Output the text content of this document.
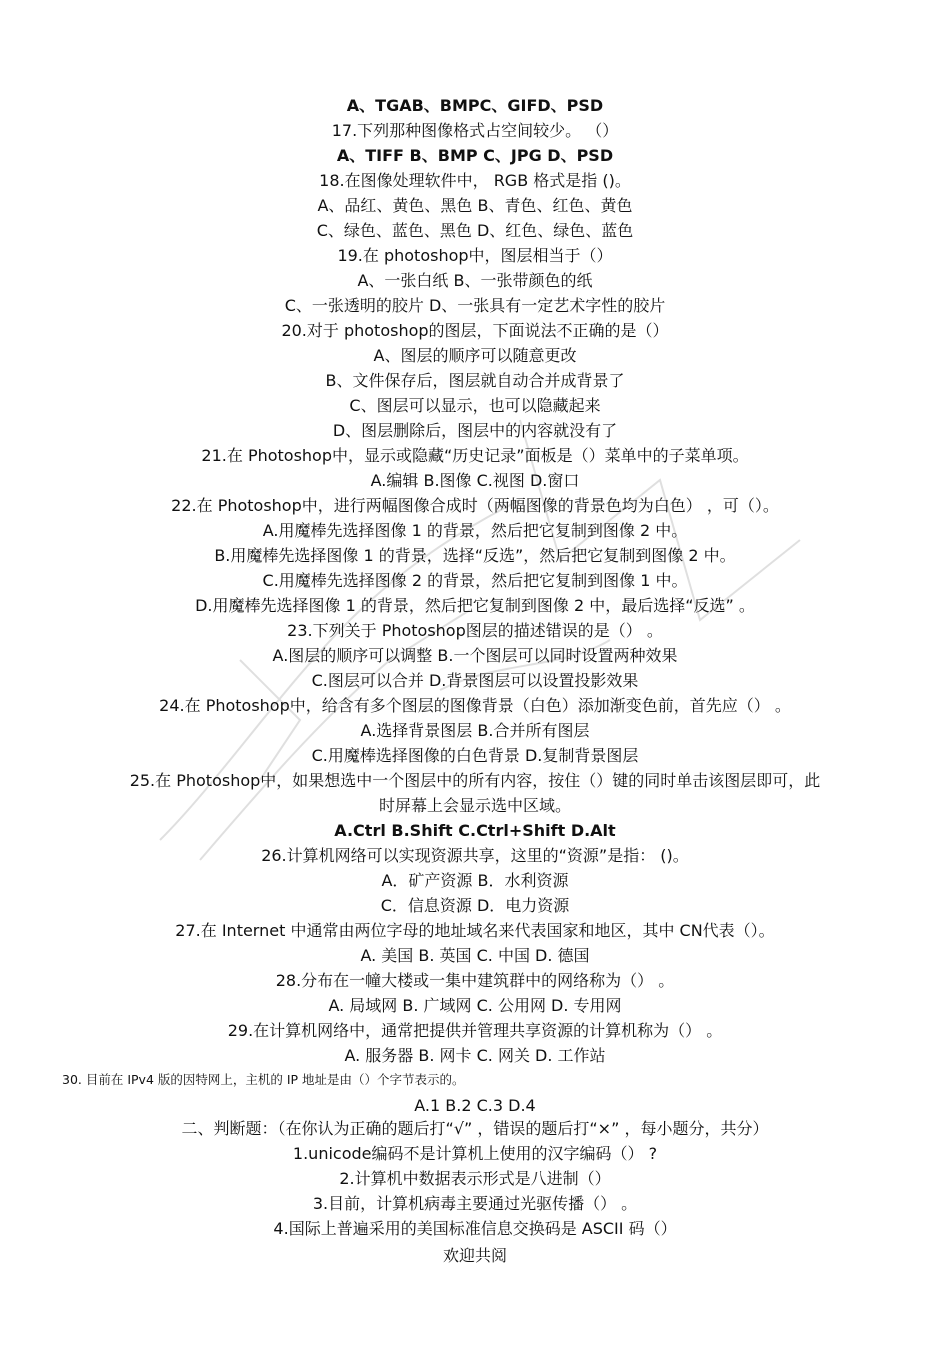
A、TGAB、BMPC、GIFD、PSD
17.下列那种图像格式占空间较少。 （）
A、TIFF B、BMP C、JPG D、PSD
18.在图像处理软件中， RGB 格式是指 ()。
A、品红、黄色、黑色 B、青色、红色、黄色
C、绿色、蓝色、黑色 D、红色、绿色、蓝色
19.在 photoshop中，图层相当于（）
A、一张白纸 B、一张带颜色的纸
C、一张透明的胶片 D、一张具有一定艺术字性的胶片
20.对于 photoshop的图层，下面说法不正确的是（）
A、图层的顺序可以随意更改
B、文件保存后，图层就自动合并成背景了
C、图层可以显示，也可以隐藏起来
D、图层删除后，图层中的内容就没有了
21.在 Photoshop中，显示或隐藏“历史记录”面板是（）菜单中的子菜单项。
A.编辑 B.图像 C.视图 D.窗口
22.在 Photoshop中，进行两幅图像合成时（两幅图像的背景色均为白色） ，可（）。
A.用魔棒先选择图像 1 的背景，然后把它复制到图像 2 中。
B.用魔棒先选择图像 1 的背景，选择“反选”，然后把它复制到图像 2 中。
C.用魔棒先选择图像 2 的背景，然后把它复制到图像 1 中。
D.用魔棒先选择图像 1 的背景，然后把它复制到图像 2 中，最后选择“反选” 。
23.下列关于 Photoshop图层的描述错误的是（） 。
A.图层的顺序可以调整 B.一个图层可以同时设置两种效果
C.图层可以合并 D.背景图层可以设置投影效果
24.在 Photoshop中，给含有多个图层的图像背景（白色）添加渐变色前，首先应（） 。
A.选择背景图层 B.合并所有图层
C.用魔棒选择图像的白色背景 D.复制背景图层
25.在 Photoshop中，如果想选中一个图层中的所有内容，按住（）键的同时单击该图层即可，此
时屏幕上会显示选中区域。
A.Ctrl B.Shift C.Ctrl+Shift D.Alt
26.计算机网络可以实现资源共享，这里的“资源”是指： ()。
A．矿产资源 B．水利资源
C．信息资源 D．电力资源
27.在 Internet 中通常由两位字母的地址域名来代表国家和地区，其中 CN代表（）。
A. 美国 B. 英国 C. 中国 D. 德国
28.分布在一幢大楼或一集中建筑群中的网络称为（） 。
A. 局域网 B. 广域网 C. 公用网 D. 专用网
29.在计算机网络中，通常把提供并管理共享资源的计算机称为（） 。
A. 服务器 B. 网卡 C. 网关 D. 工作站
30. 目前在 IPv4 版的因特网上，主机的 IP 地址是由（）个字节表示的。
A.1 B.2 C.3 D.4
二、判断题：（在你认为正确的题后打“√” ，错误的题后打“×” ，每小题分，共分）
1.unicode编码不是计算机上使用的汉字编码（） ?
2.计算机中数据表示形式是八进制（）
3.目前，计算机病毒主要通过光驱传播（） 。
4.国际上普遍采用的美国标准信息交换码是 ASCII 码（）
欢迎共阅
